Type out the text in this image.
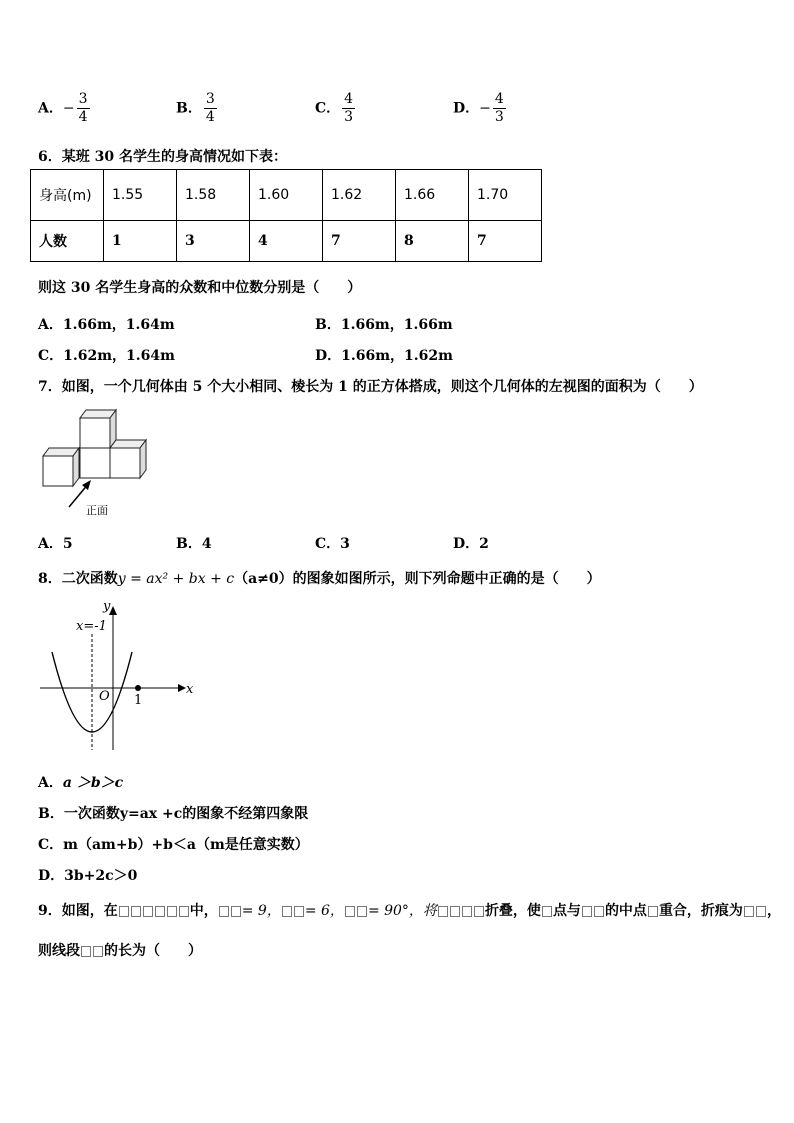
A．− $\frac{3}{4}$	B． $\frac{3}{4}$	C． $\frac{4}{3}$	D．− $\frac{4}{3}$
6．某班 30 名学生的身高情况如下表：
身高(m)	1.55	1.58	1.60	1.62	1.66	1.70
人数	1	3	4	7	8	7
则这 30 名学生身高的众数和中位数分别是（　　）
A．1.66m，1.64m	B．1.66m，1.66m
C．1.62m，1.64m	D．1.66m，1.62m
7．如图，一个几何体由 5 个大小相同、棱长为 1 的正方体搭成，则这个几何体的左视图的面积为（　　）
正面
A．5	B．4	C．3	D．2
8．二次函数y = ax² + bx + c（a≠0）的图象如图所示，则下列命题中正确的是（　　）
x=-1
y
x
O 1
A．a ＞b＞c
B．一次函数y=ax +c的图象不经第四象限
C．m（am+b）+b＜a（m是任意实数）
D．3b+2c＞0
9．如图，在	中， = 9， = 6， = 90°，将	折叠，使 点与 的中点 重合，折痕为 ，
则线段 的长为（　　）
